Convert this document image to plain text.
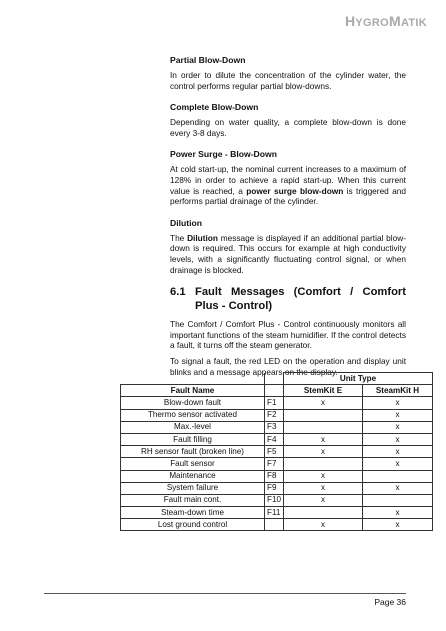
HYGROMATIK
Partial Blow-Down
In order to dilute the concentration of the cylinder water, the control performs regular partial blow-downs.
Complete Blow-Down
Depending on water quality, a complete blow-down is done every 3-8 days.
Power Surge - Blow-Down
At cold start-up, the nominal current increases to a maximum of 128% in order to achieve a rapid start-up. When this current value is reached, a power surge blow-down is triggered and performs partial drainage of the cylinder.
Dilution
The Dilution message is displayed if an additional partial blow-down is required. This occurs for example at high conductivity levels, with a significantly fluctuating control signal, or when drainage is blocked.
6.1 Fault Messages (Comfort / Comfort Plus - Control)
The Comfort / Comfort Plus - Control continuously monitors all important functions of the steam humidifier. If the control detects a fault, it turns off the steam generator.
To signal a fault, the red LED on the operation and display unit blinks and a message appears on the display.
		Unit Type	
Fault Name		StemKit E	SteamKit H
Blow-down fault	F1	x	x
Thermo sensor activated	F2		x
Max.-level	F3		x
Fault filling	F4	x	x
RH sensor fault (broken line)	F5	x	x
Fault sensor	F7		x
Maintenance	F8	x	
System failure	F9	x	x
Fault main cont.	F10	x	
Steam-down time	F11		x
Lost ground control		x	x
Page 36
